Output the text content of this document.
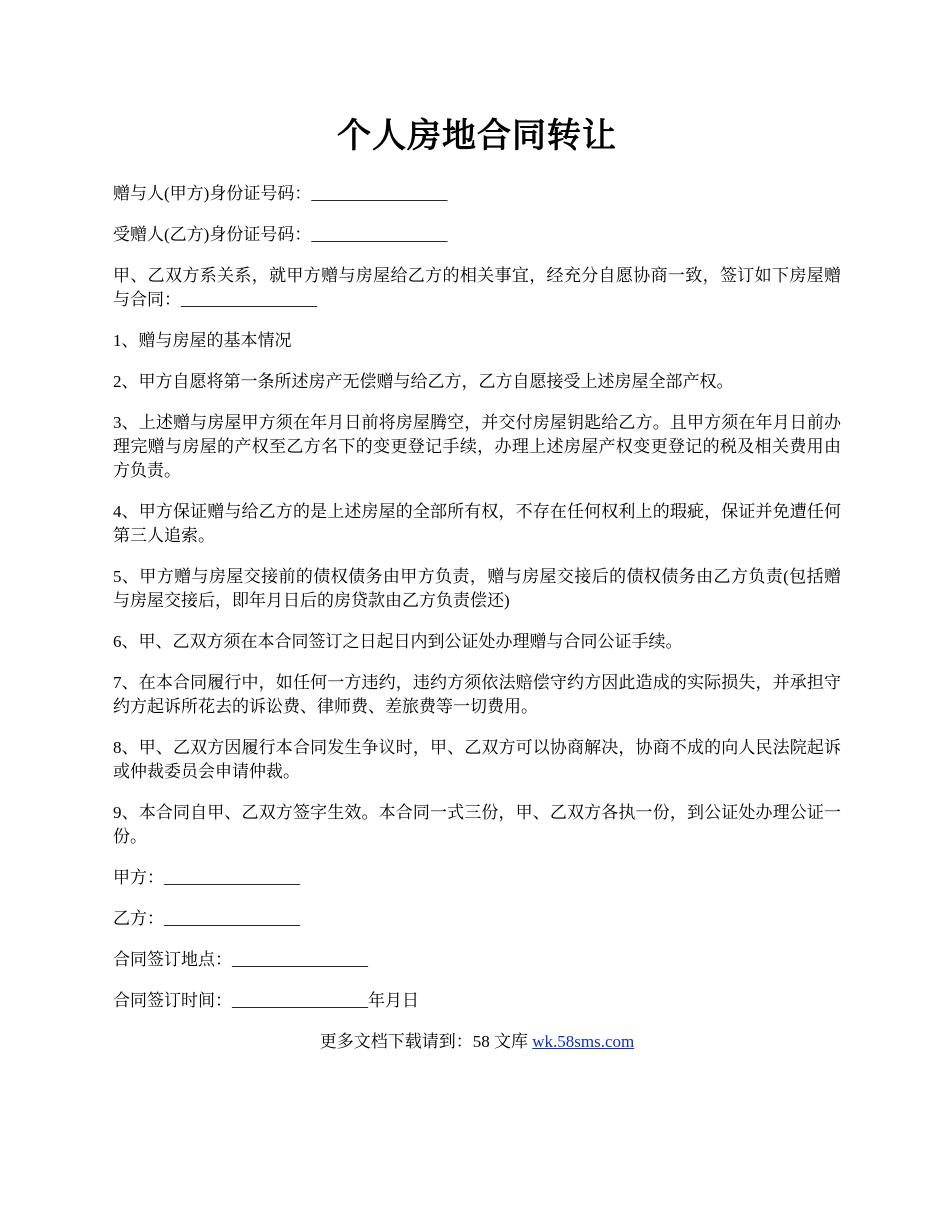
个人房地合同转让

赠与人(甲方)身份证号码：________________

受赠人(乙方)身份证号码：________________

甲、乙双方系关系，就甲方赠与房屋给乙方的相关事宜，经充分自愿协商一致，签订如下房屋赠与合同：________________

1、赠与房屋的基本情况

2、甲方自愿将第一条所述房产无偿赠与给乙方，乙方自愿接受上述房屋全部产权。

3、上述赠与房屋甲方须在年月日前将房屋腾空，并交付房屋钥匙给乙方。且甲方须在年月日前办理完赠与房屋的产权至乙方名下的变更登记手续，办理上述房屋产权变更登记的税及相关费用由方负责。

4、甲方保证赠与给乙方的是上述房屋的全部所有权，不存在任何权利上的瑕疵，保证并免遭任何第三人追索。

5、甲方赠与房屋交接前的债权债务由甲方负责，赠与房屋交接后的债权债务由乙方负责(包括赠与房屋交接后，即年月日后的房贷款由乙方负责偿还)

6、甲、乙双方须在本合同签订之日起日内到公证处办理赠与合同公证手续。

7、在本合同履行中，如任何一方违约，违约方须依法赔偿守约方因此造成的实际损失，并承担守约方起诉所花去的诉讼费、律师费、差旅费等一切费用。

8、甲、乙双方因履行本合同发生争议时，甲、乙双方可以协商解决，协商不成的向人民法院起诉或仲裁委员会申请仲裁。

9、本合同自甲、乙双方签字生效。本合同一式三份，甲、乙双方各执一份，到公证处办理公证一份。

甲方：________________

乙方：________________

合同签订地点：________________

合同签订时间：________________年月日

更多文档下载请到：58 文库 wk.58sms.com
